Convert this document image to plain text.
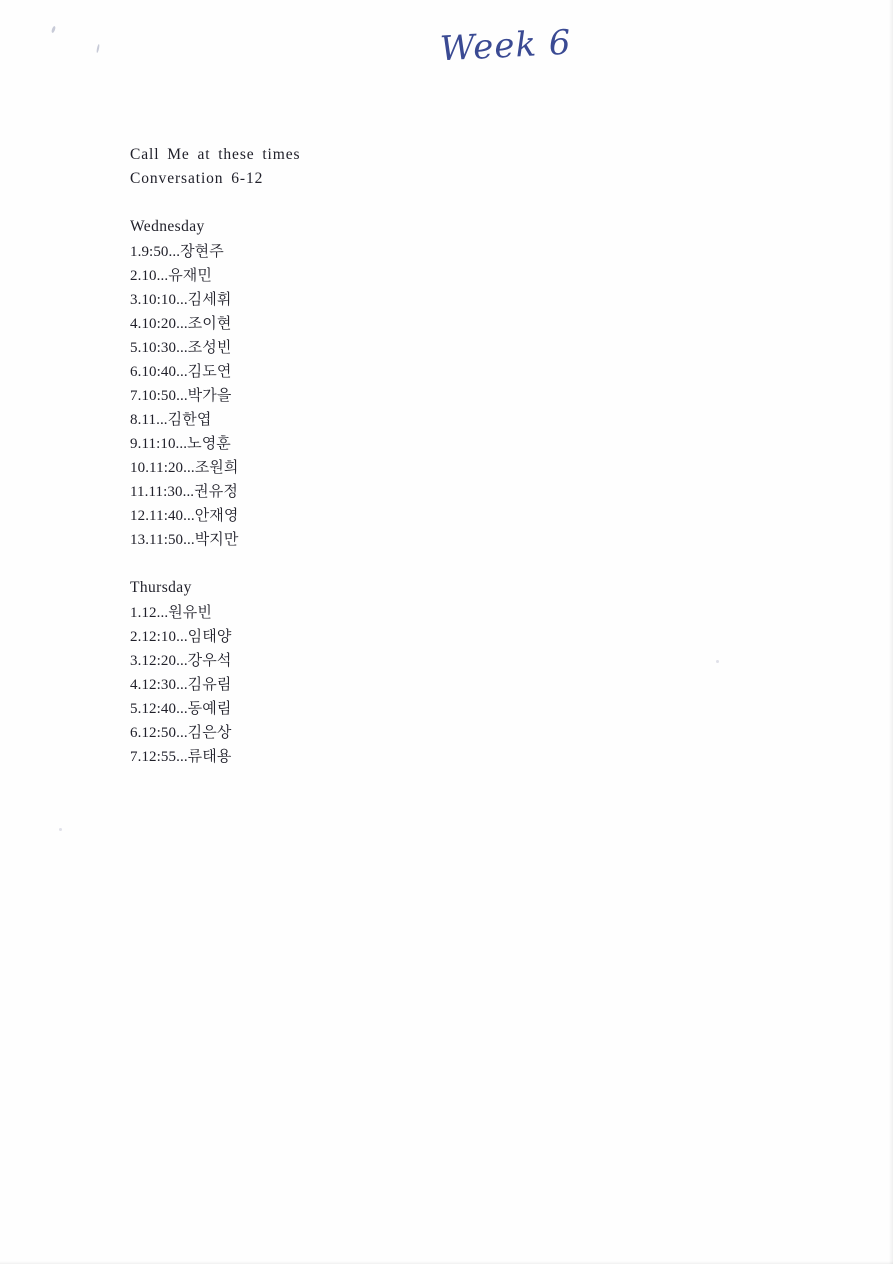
Week 6
Call Me at these times
Conversation 6-12
Wednesday
1.9:50...장현주
2.10...유재민
3.10:10...김세휘
4.10:20...조이현
5.10:30...조성빈
6.10:40...김도연
7.10:50...박가을
8.11...김한엽
9.11:10...노영훈
10.11:20...조원희
11.11:30...권유정
12.11:40...안재영
13.11:50...박지만
Thursday
1.12...원유빈
2.12:10...임태양
3.12:20...강우석
4.12:30...김유림
5.12:40...동예림
6.12:50...김은상
7.12:55...류태용
